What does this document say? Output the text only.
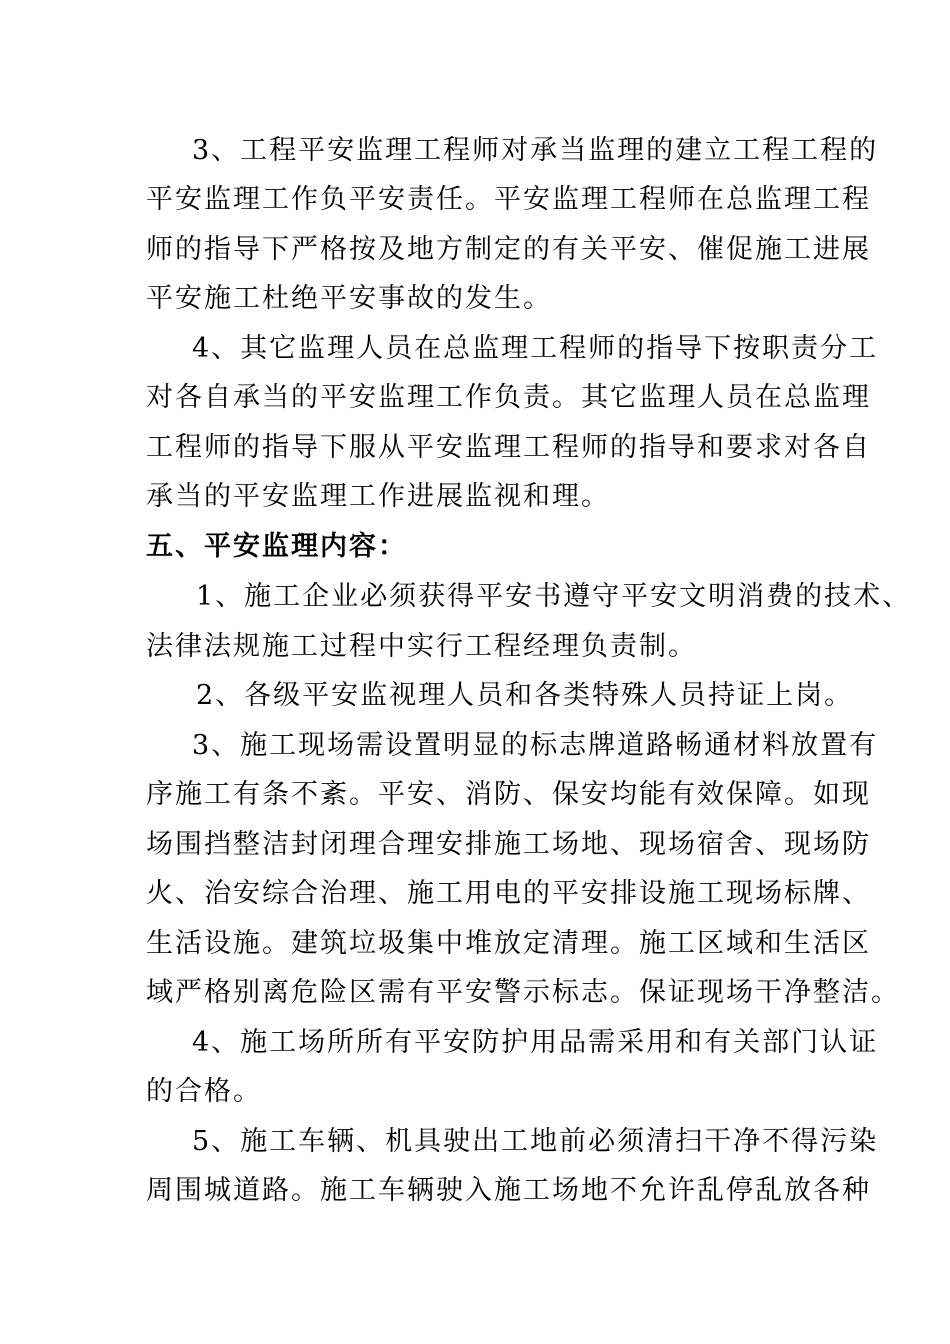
3、工程平安监理工程师对承当监理的建立工程工程的
平安监理工作负平安责任。平安监理工程师在总监理工程
师的指导下严格按及地方制定的有关平安、催促施工进展
平安施工杜绝平安事故的发生。
4、其它监理人员在总监理工程师的指导下按职责分工
对各自承当的平安监理工作负责。其它监理人员在总监理
工程师的指导下服从平安监理工程师的指导和要求对各自
承当的平安监理工作进展监视和理。
五、平安监理内容：
1、施工企业必须获得平安书遵守平安文明消费的技术、
法律法规施工过程中实行工程经理负责制。
2、各级平安监视理人员和各类特殊人员持证上岗。
3、施工现场需设置明显的标志牌道路畅通材料放置有
序施工有条不紊。平安、消防、保安均能有效保障。如现
场围挡整洁封闭理合理安排施工场地、现场宿舍、现场防
火、治安综合治理、施工用电的平安排设施工现场标牌、
生活设施。建筑垃圾集中堆放定清理。施工区域和生活区
域严格别离危险区需有平安警示标志。保证现场干净整洁。
4、施工场所所有平安防护用品需采用和有关部门认证
的合格。
5、施工车辆、机具驶出工地前必须清扫干净不得污染
周围城道路。施工车辆驶入施工场地不允许乱停乱放各种
